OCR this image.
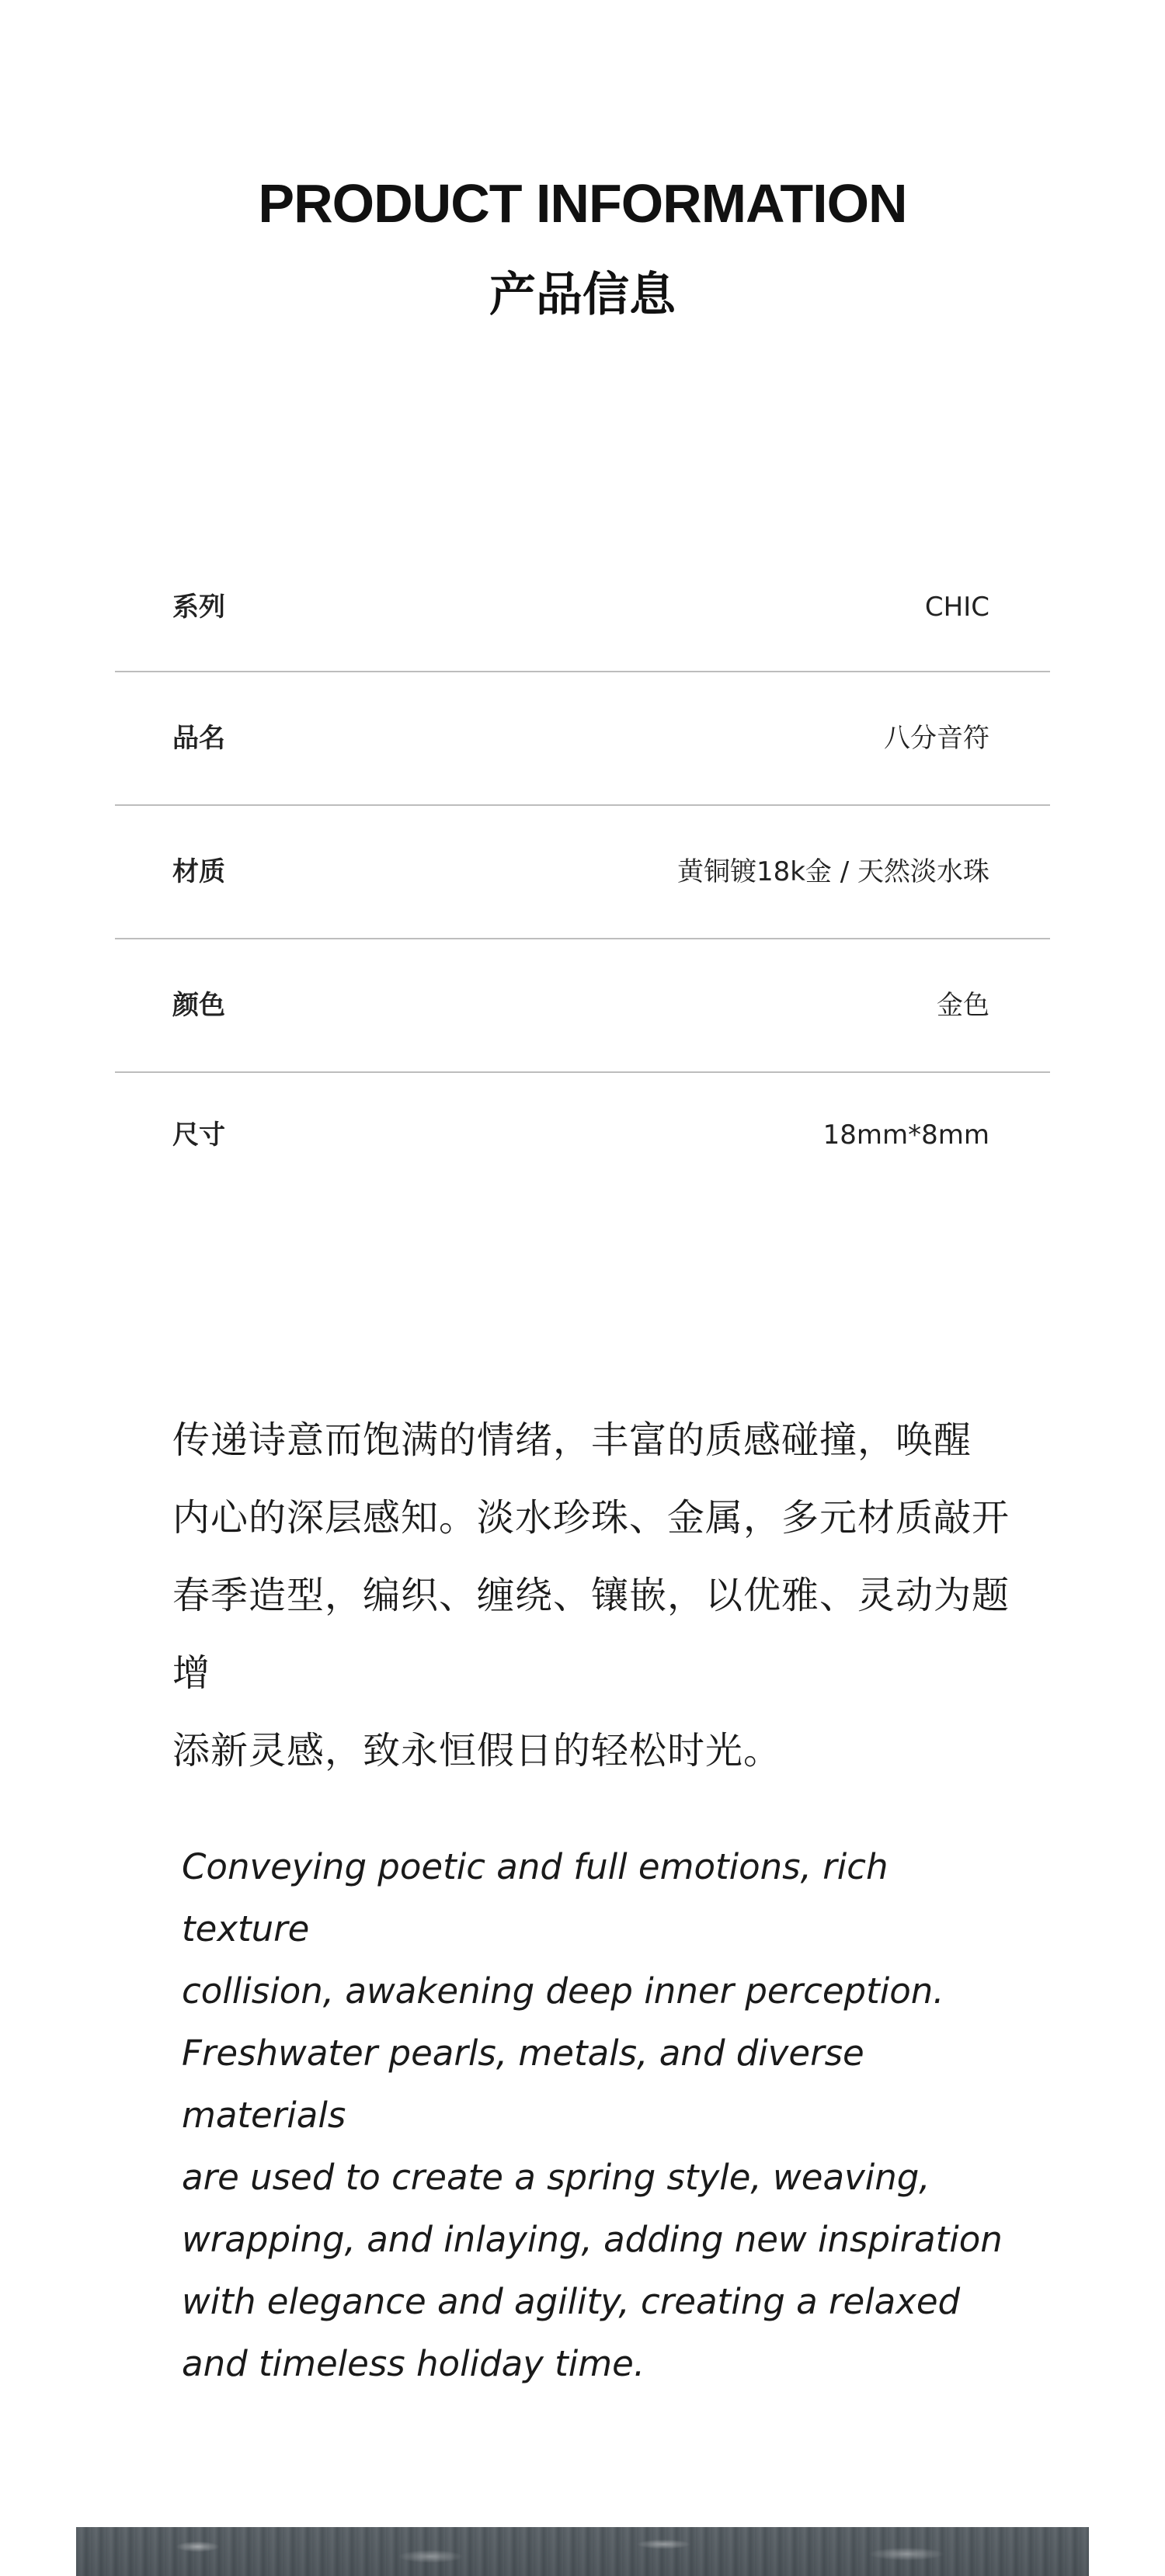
PRODUCT INFORMATION
产品信息
系列	CHIC
品名	八分音符
材质	黄铜镀18k金 / 天然淡水珠
颜色	金色
尺寸	18mm*8mm

传递诗意而饱满的情绪，丰富的质感碰撞，唤醒

内心的深层感知。淡水珍珠、金属，多元材质敲开

春季造型，编织、缠绕、镶嵌，以优雅、灵动为题增

添新灵感，致永恒假日的轻松时光。

Conveying poetic and full emotions, rich texture

collision, awakening deep inner perception.

Freshwater pearls, metals, and diverse materials

are used to create a spring style, weaving,

wrapping, and inlaying, adding new inspiration

with elegance and agility, creating a relaxed

and timeless holiday time.
